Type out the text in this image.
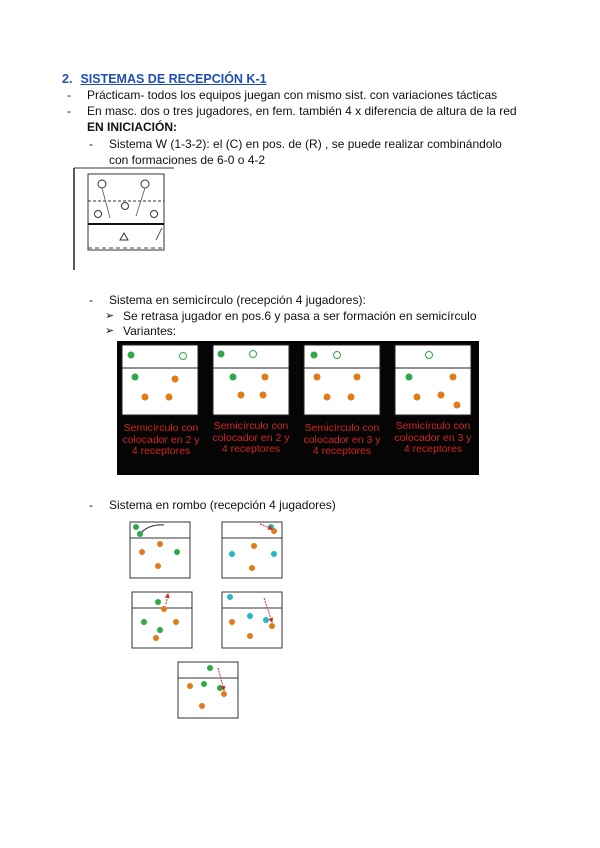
2. SISTEMAS DE RECEPCIÓN K-1
- Prácticam- todos los equipos juegan con mismo sist. con variaciones tácticas
- En masc. dos o tres jugadores, en fem. también 4 x diferencia de altura de la red
EN INICIACIÓN:
- Sistema W (1-3-2): el (C) en pos. de (R) , se puede realizar combinándolo
con formaciones de 6-0 o 4-2
- Sistema en semicírculo (recepción 4 jugadores):
➢ Se retrasa jugador en pos.6 y pasa a ser formación en semicírculo
➢ Variantes:
Semicírculo con colocador en 2 y 4 receptores
Semicírculo con colocador en 2 y 4 receptores
Semicírculo con colocador en 3 y 4 receptores
Semicírculo con colocador en 3 y 4 receptores
- Sistema en rombo (recepción 4 jugadores)
